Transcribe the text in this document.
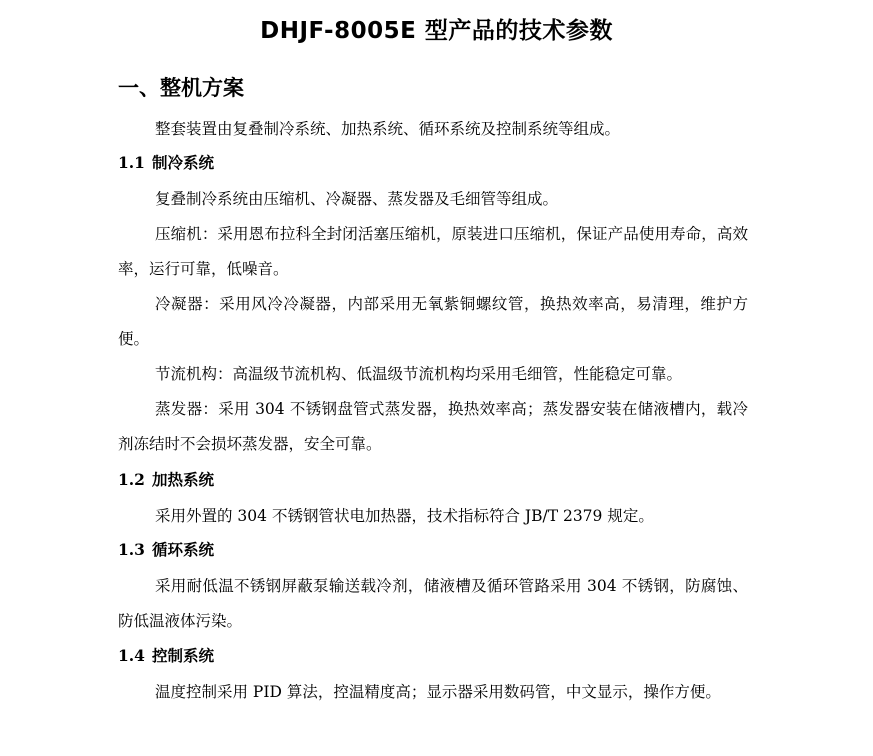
DHJF-8005E 型产品的技术参数
一、整机方案
整套装置由复叠制冷系统、加热系统、循环系统及控制系统等组成。
1.1 制冷系统
复叠制冷系统由压缩机、冷凝器、蒸发器及毛细管等组成。
压缩机：采用恩布拉科全封闭活塞压缩机，原装进口压缩机，保证产品使用寿命，高效率，运行可靠，低噪音。
冷凝器：采用风冷冷凝器，内部采用无氧紫铜螺纹管，换热效率高，易清理，维护方便。
节流机构：高温级节流机构、低温级节流机构均采用毛细管，性能稳定可靠。
蒸发器：采用 304 不锈钢盘管式蒸发器，换热效率高；蒸发器安装在储液槽内，载冷剂冻结时不会损坏蒸发器，安全可靠。
1.2 加热系统
采用外置的 304 不锈钢管状电加热器，技术指标符合 JB/T 2379 规定。
1.3 循环系统
采用耐低温不锈钢屏蔽泵输送载冷剂，储液槽及循环管路采用 304 不锈钢，防腐蚀、防低温液体污染。
1.4 控制系统
温度控制采用 PID 算法，控温精度高；显示器采用数码管，中文显示，操作方便。
